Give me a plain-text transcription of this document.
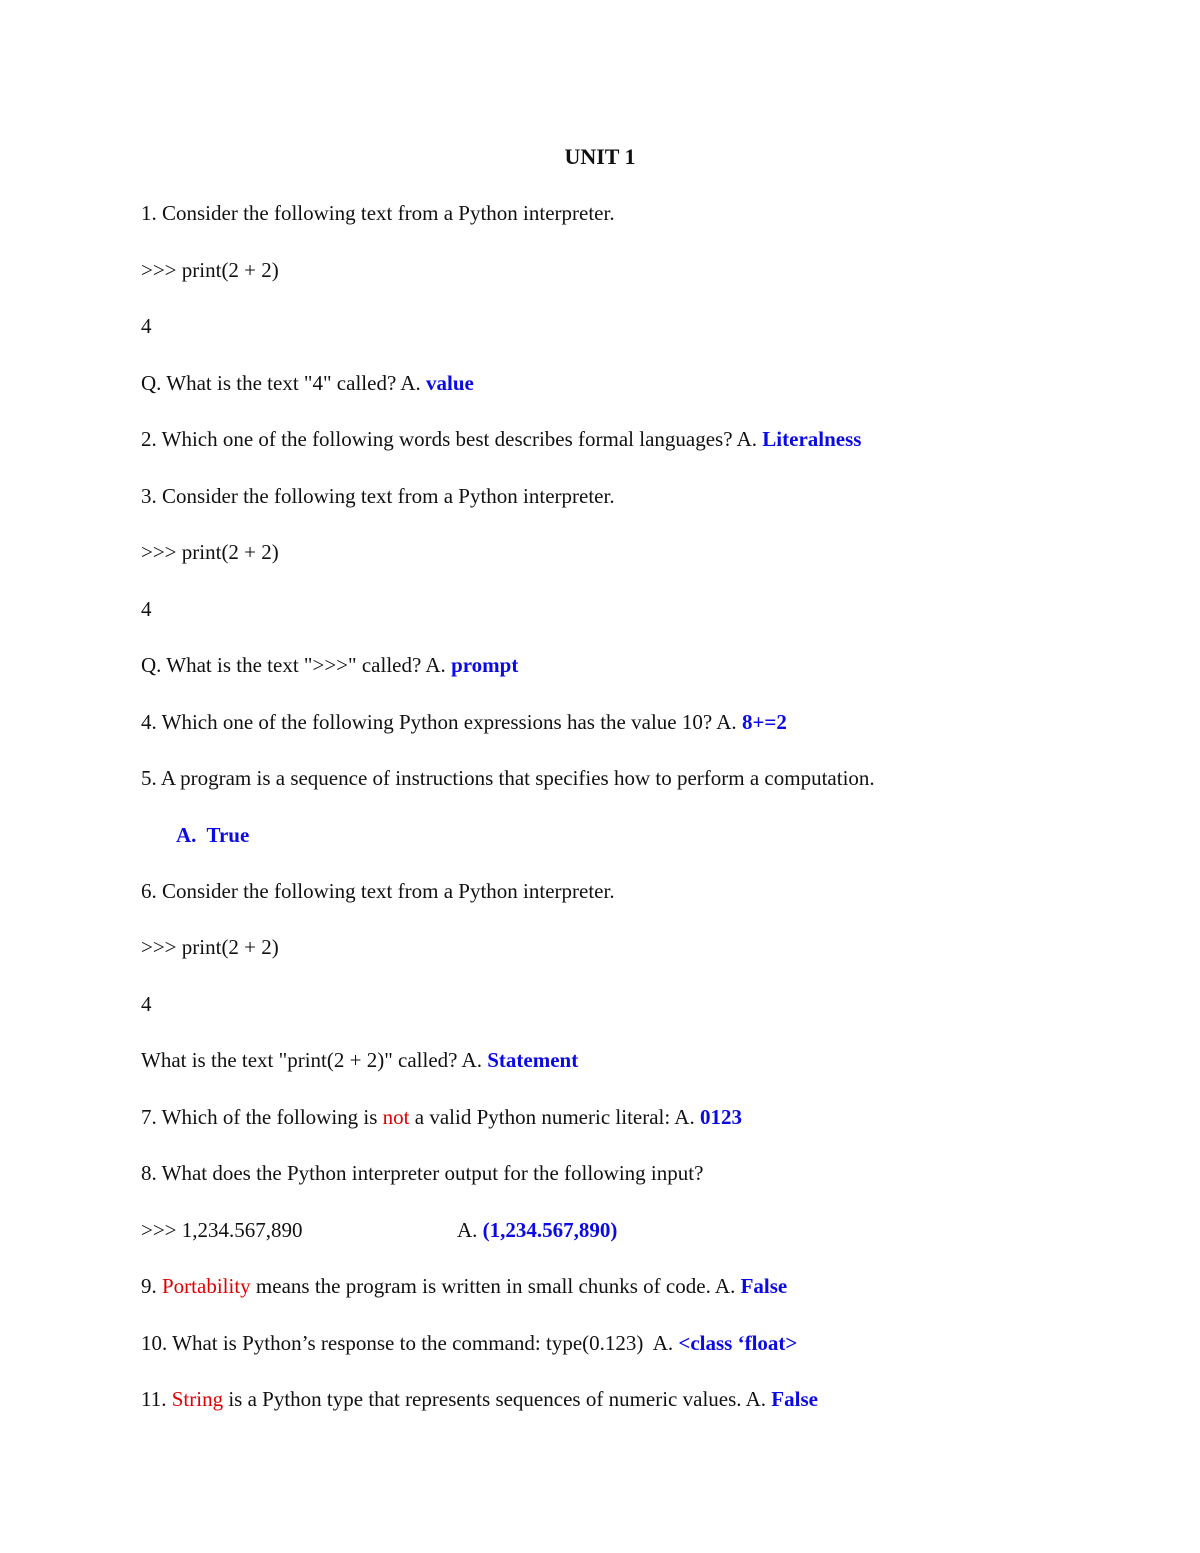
UNIT 1
1. Consider the following text from a Python interpreter.
>>> print(2 + 2)
4
Q. What is the text "4" called? A. value
2. Which one of the following words best describes formal languages? A. Literalness
3. Consider the following text from a Python interpreter.
>>> print(2 + 2)
4
Q. What is the text ">>>" called? A. prompt
4. Which one of the following Python expressions has the value 10? A. 8+=2
5. A program is a sequence of instructions that specifies how to perform a computation.
A.  True
6. Consider the following text from a Python interpreter.
>>> print(2 + 2)
4
What is the text "print(2 + 2)" called? A. Statement
7. Which of the following is not a valid Python numeric literal: A. 0123
8. What does the Python interpreter output for the following input?
>>> 1,234.567,890	A. (1,234.567,890)
9. Portability means the program is written in small chunks of code. A. False
10. What is Python’s response to the command: type(0.123)  A. <class ‘float>
11. String is a Python type that represents sequences of numeric values. A. False
